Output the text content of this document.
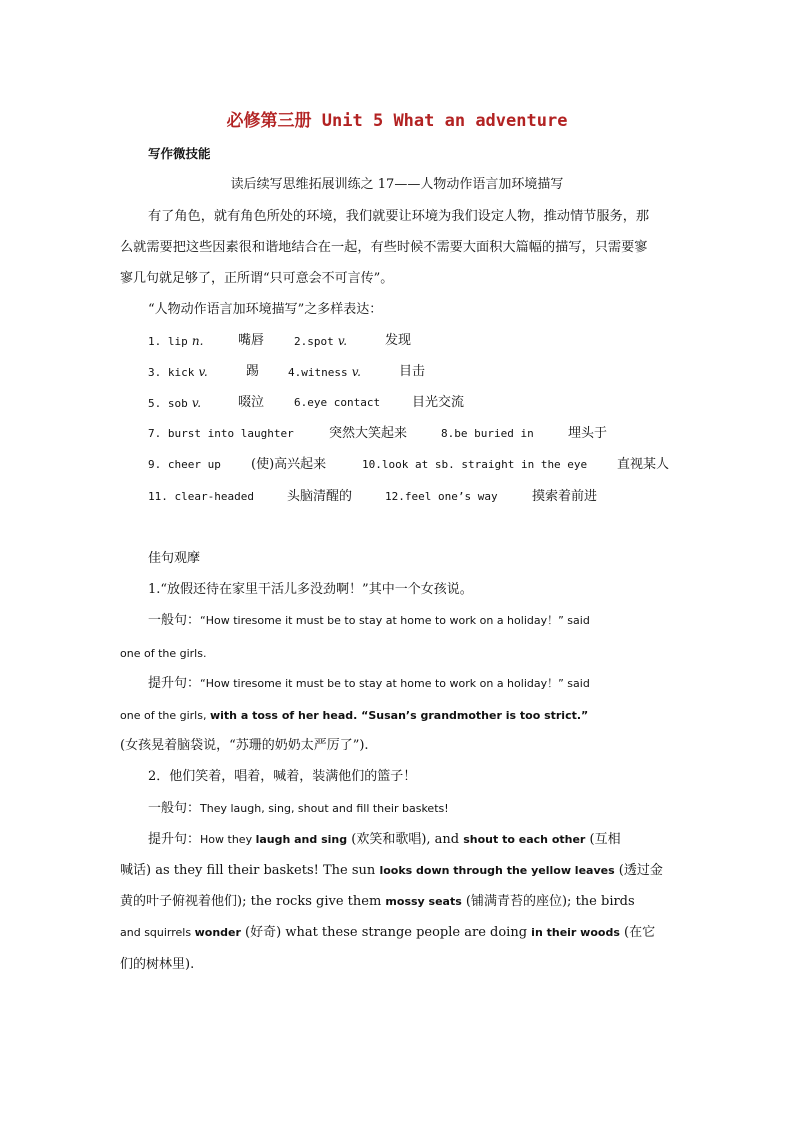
必修第三册 Unit 5 What an adventure
写作微技能
读后续写思维拓展训练之 17——人物动作语言加环境描写
有了角色，就有角色所处的环境，我们就要让环境为我们设定人物，推动情节服务，那
么就需要把这些因素很和谐地结合在一起，有些时候不需要大面积大篇幅的描写，只需要寥
寥几句就足够了，正所谓“只可意会不可言传”。
“人物动作语言加环境描写”之多样表达：
1. lip n.	嘴唇	2.spot v.	发现
3. kick v.	踢	4.witness v.	目击
5. sob v.	啜泣	6.eye contact 目光交流
7. burst into laughter	突然大笑起来	8.be buried in	埋头于
9. cheer up (使)高兴起来	10.look at sb. straight in the eye 直视某人
11. clear-headed	头脑清醒的	12.feel one’s way	摸索着前进
佳句观摩
1.“放假还待在家里干活儿多没劲啊！”其中一个女孩说。
一般句：“How tiresome it must be to stay at home to work on a holiday！” said
one of the girls.
提升句：“How tiresome it must be to stay at home to work on a holiday！” said
one of the girls, with a toss of her head. “Susan’s grandmother is too strict.”
(女孩晃着脑袋说，“苏珊的奶奶太严厉了”).
2．他们笑着，唱着，喊着，装满他们的篮子！
一般句：They laugh, sing, shout and fill their baskets!
提升句：How they laugh and sing (欢笑和歌唱), and shout to each other (互相
喊话) as they fill their baskets! The sun looks down through the yellow leaves (透过金
黄的叶子俯视着他们); the rocks give them mossy seats (铺满青苔的座位); the birds
and squirrels wonder (好奇) what these strange people are doing in their woods (在它
们的树林里).
